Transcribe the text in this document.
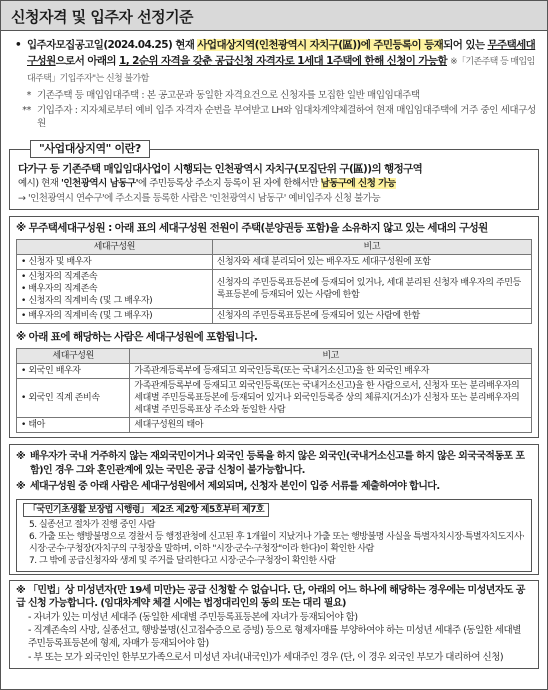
신청자격 및 입주자 선정기준
• 입주자모집공고일(2024.04.25) 현재 사업대상지역(인천광역시 자치구(區))에 주민등록이 등재되어 있는 무주택세대구성원으로서 아래의 1, 2순위 자격을 갖춘 공급신청 자격자로 1세대 1주택에 한해 신청이 가능함 ※「기존주택 등 매입임대주택」기입주자"는 신청 불가함
* 기존주택 등 매입임대주택 : 본 공고문과 동일한 자격요건으로 신청자를 모집한 일반 매입임대주택
** 기입주자 : 지자체로부터 예비 입주 자격자 순번을 부여받고 LH와 임대차계약체결하여 현재 매입임대주택에 거주 중인 세대구성원
"사업대상지역" 이란?
다가구 등 기존주택 매입임대사업이 시행되는 인천광역시 자치구(모집단위 구(區))의 행정구역
예시) 현재 '인천광역시 남동구'에 주민등록상 주소지 등록이 된 자에 한해서만 남동구에 신청 가능
→ '인천광역시 연수구'에 주소지를 등록한 사람은 '인천광역시 남동구' 예비입주자 신청 불가능
※ 무주택세대구성원 : 아래 표의 세대구성원 전원이 주택(분양권등 포함)을 소유하지 않고 있는 세대의 구성원
세대구성원	비고
• 신청자 및 배우자	신청자와 세대 분리되어 있는 배우자도 세대구성원에 포함

• 신청자의 직계존속
• 배우자의 직계존속
• 신청자의 직계비속 (및 그 배우자)	신청자의 주민등록표등본에 등재되어 있거나, 세대 분리된 신청자 배우자의 주민등록표등본에 등재되어 있는 사람에 한함
• 배우자의 직계비속 (및 그 배우자)	신청자의 주민등록표등본에 등재되어 있는 사람에 한함
※ 아래 표에 해당하는 사람은 세대구성원에 포함됩니다.
세대구성원	비고
• 외국인 배우자	가족관계등록부에 등재되고 외국인등록(또는 국내거소신고)을 한 외국인 배우자
• 외국인 직계 존비속	가족관계등록부에 등재되고 외국인등록(또는 국내거소신고)을 한 사람으로서, 신청자 또는 분리배우자의 세대별 주민등록표등본에 등재되어 있거나 외국인등록증 상의 체류지(거소)가 신청자 또는 분리배우자의 세대별 주민등록표상 주소와 동일한 사람
• 태아	세대구성원의 태아
※ 배우자가 국내 거주하지 않는 재외국민이거나 외국인 등록을 하지 않은 외국인(국내거소신고를 하지 않은 외국국적동포 포함)인 경우 그와 혼인관계에 있는 국민은 공급 신청이 불가능합니다.
※ 세대구성원 중 아래 사람은 세대구성원에서 제외되며, 신청자 본인이 입증 서류를 제출하여야 합니다.
「국민기초생활 보장법 시행령」 제2조 제2항 제5호부터 제7호
5. 실종선고 절차가 진행 중인 사람
6. 가출 또는 행방불명으로 경찰서 등 행정관청에 신고된 후 1개월이 지났거나 가출 또는 행방불명 사실을 특별자치시장·특별자치도지사·시장·군수·구청장(자치구의 구청장을 말하며, 이하 "시장·군수·구청장"이라 한다)이 확인한 사람
7. 그 밖에 공급신청자와 생계 및 주거를 달리한다고 시장·군수·구청장이 확인한 사람
※ 「민법」상 미성년자(만 19세 미만)는 공급 신청할 수 없습니다. 단, 아래의 어느 하나에 해당하는 경우에는 미성년자도 공급 신청 가능합니다. (임대차계약 체결 시에는 법정대리인의 동의 또는 대리 필요)
- 자녀가 있는 미성년 세대주 (동일한 세대별 주민등록표등본에 자녀가 등재되어야 함)
- 직계존속의 사망, 실종선고, 행방불명(신고접수증으로 증빙) 등으로 형제자매를 부양하여야 하는 미성년 세대주 (동일한 세대별 주민등록표등본에 형제, 자매가 등재되어야 함)
- 부 또는 모가 외국인인 한부모가족으로서 미성년 자녀(내국인)가 세대주인 경우 (단, 이 경우 외국인 부모가 대리하여 신청)
